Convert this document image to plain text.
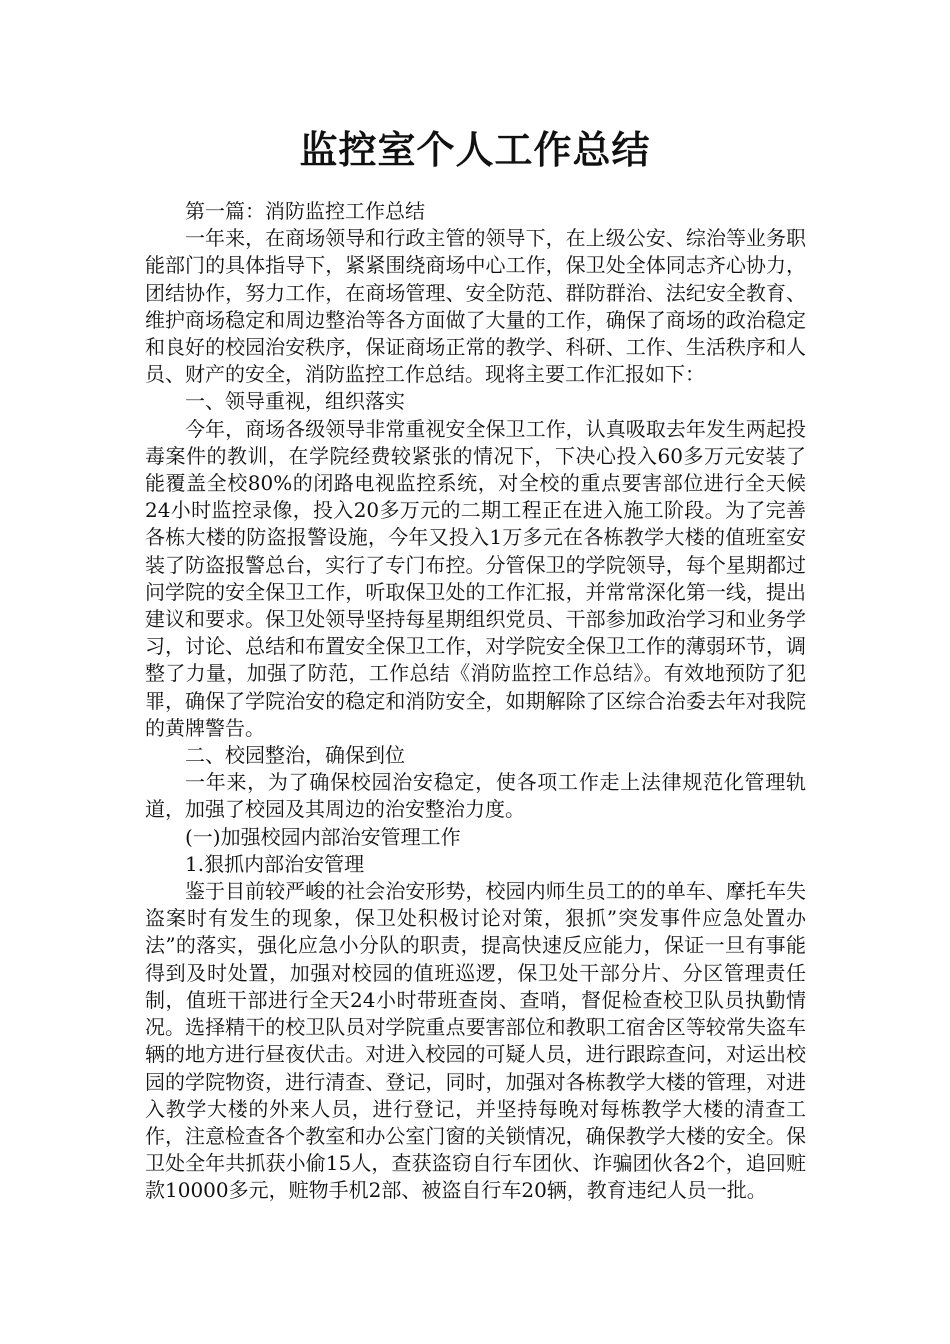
监控室个人工作总结

第一篇：消防监控工作总结

一年来，在商场领导和行政主管的领导下，在上级公安、综治等业务职能部门的具体指导下，紧紧围绕商场中心工作，保卫处全体同志齐心协力，团结协作，努力工作，在商场管理、安全防范、群防群治、法纪安全教育、维护商场稳定和周边整治等各方面做了大量的工作，确保了商场的政治稳定和良好的校园治安秩序，保证商场正常的教学、科研、工作、生活秩序和人员、财产的安全，消防监控工作总结。现将主要工作汇报如下：

一、领导重视，组织落实

今年，商场各级领导非常重视安全保卫工作，认真吸取去年发生两起投毒案件的教训，在学院经费较紧张的情况下，下决心投入60多万元安装了能覆盖全校80%的闭路电视监控系统，对全校的重点要害部位进行全天候24小时监控录像，投入20多万元的二期工程正在进入施工阶段。为了完善各栋大楼的防盗报警设施，今年又投入1万多元在各栋教学大楼的值班室安装了防盗报警总台，实行了专门布控。分管保卫的学院领导，每个星期都过问学院的安全保卫工作，听取保卫处的工作汇报，并常常深化第一线，提出建议和要求。保卫处领导坚持每星期组织党员、干部参加政治学习和业务学习，讨论、总结和布置安全保卫工作，对学院安全保卫工作的薄弱环节，调整了力量，加强了防范，工作总结《消防监控工作总结》。有效地预防了犯罪，确保了学院治安的稳定和消防安全，如期解除了区综合治委去年对我院的黄牌警告。

二、校园整治，确保到位

一年来，为了确保校园治安稳定，使各项工作走上法律规范化管理轨道，加强了校园及其周边的治安整治力度。

(一)加强校园内部治安管理工作

1.狠抓内部治安管理

鉴于目前较严峻的社会治安形势，校园内师生员工的的单车、摩托车失盗案时有发生的现象，保卫处积极讨论对策，狠抓”突发事件应急处置办法”的落实，强化应急小分队的职责，提高快速反应能力，保证一旦有事能得到及时处置，加强对校园的值班巡逻，保卫处干部分片、分区管理责任制，值班干部进行全天24小时带班查岗、查哨，督促检查校卫队员执勤情况。选择精干的校卫队员对学院重点要害部位和教职工宿舍区等较常失盗车辆的地方进行昼夜伏击。对进入校园的可疑人员，进行跟踪查问，对运出校园的学院物资，进行清查、登记，同时，加强对各栋教学大楼的管理，对进入教学大楼的外来人员，进行登记，并坚持每晚对每栋教学大楼的清查工作，注意检查各个教室和办公室门窗的关锁情况，确保教学大楼的安全。保卫处全年共抓获小偷15人，查获盗窃自行车团伙、诈骗团伙各2个，追回赃款10000多元，赃物手机2部、被盗自行车20辆，教育违纪人员一批。
